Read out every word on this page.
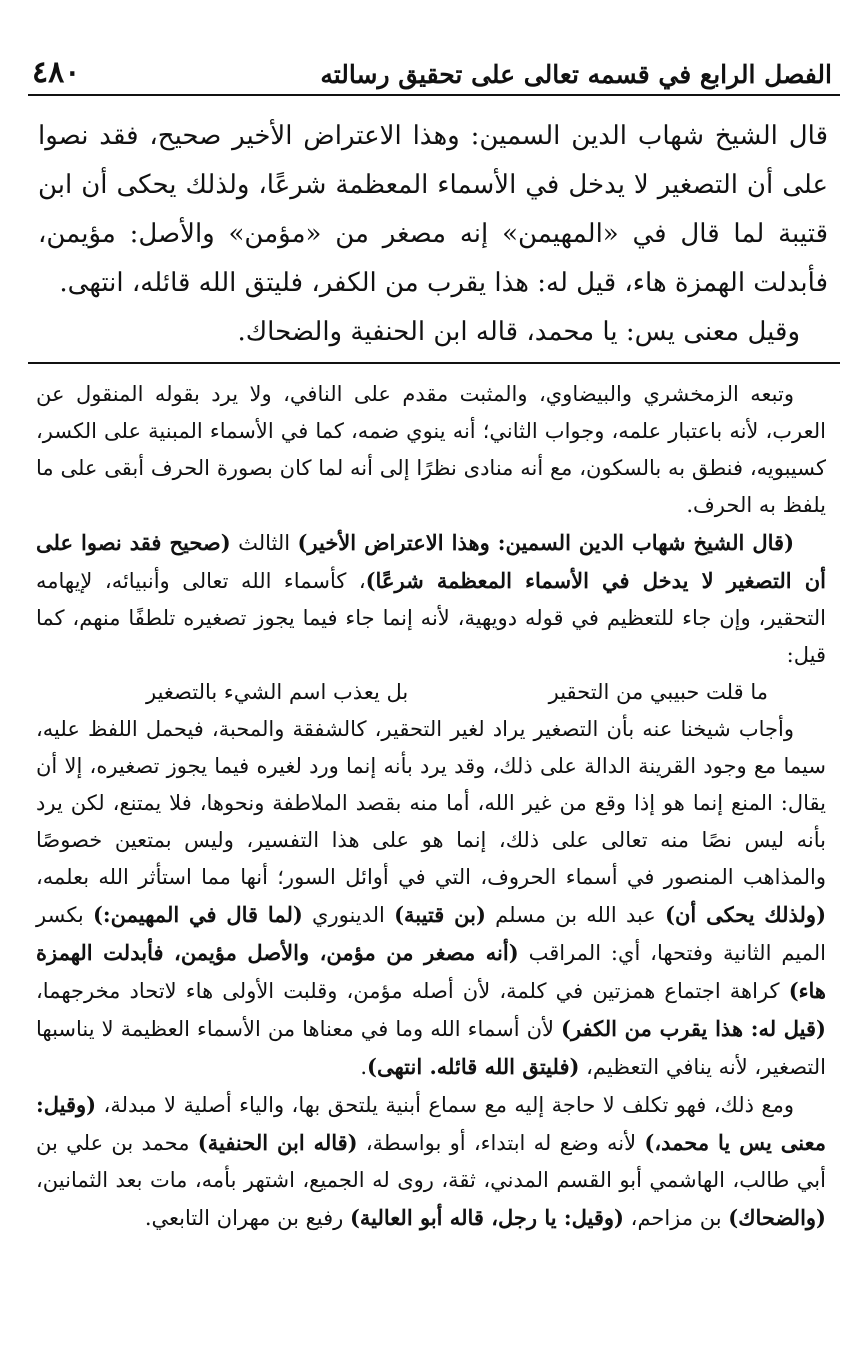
الفصل الرابع في قسمه تعالى على تحقيق رسالته
٤٨٠

قال الشيخ شهاب الدين السمين: وهذا الاعتراض الأخير صحيح، فقد نصوا على أن التصغير لا يدخل في الأسماء المعظمة شرعًا، ولذلك يحكى أن ابن قتيبة لما قال في «المهيمن» إنه مصغر من «مؤمن» والأصل: مؤيمن، فأبدلت الهمزة هاء، قيل له: هذا يقرب من الكفر، فليتق الله قائله، انتهى.

وقيل معنى يس: يا محمد، قاله ابن الحنفية والضحاك.

وتبعه الزمخشري والبيضاوي، والمثبت مقدم على النافي، ولا يرد بقوله المنقول عن العرب، لأنه باعتبار علمه، وجواب الثاني؛ أنه ينوي ضمه، كما في الأسماء المبنية على الكسر، كسيبويه، فنطق به بالسكون، مع أنه منادى نظرًا إلى أنه لما كان بصورة الحرف أبقى على ما يلفظ به الحرف.

(قال الشيخ شهاب الدين السمين: وهذا الاعتراض الأخير) الثالث (صحيح فقد نصوا على أن التصغير لا يدخل في الأسماء المعظمة شرعًا)، كأسماء الله تعالى وأنبيائه، لإيهامه التحقير، وإن جاء للتعظيم في قوله دويهية، لأنه إنما جاء فيما يجوز تصغيره تلطفًا منهم، كما قيل:

ما قلت حبيبي من التحقير
بل يعذب اسم الشيء بالتصغير

وأجاب شيخنا عنه بأن التصغير يراد لغير التحقير، كالشفقة والمحبة، فيحمل اللفظ عليه، سيما مع وجود القرينة الدالة على ذلك، وقد يرد بأنه إنما ورد لغيره فيما يجوز تصغيره، إلا أن يقال: المنع إنما هو إذا وقع من غير الله، أما منه بقصد الملاطفة ونحوها، فلا يمتنع، لكن يرد بأنه ليس نصًا منه تعالى على ذلك، إنما هو على هذا التفسير، وليس بمتعين خصوصًا والمذاهب المنصور في أسماء الحروف، التي في أوائل السور؛ أنها مما استأثر الله بعلمه، (ولذلك يحكى أن) عبد الله بن مسلم (بن قتيبة) الدينوري (لما قال في المهيمن:) بكسر الميم الثانية وفتحها، أي: المراقب (أنه مصغر من مؤمن، والأصل مؤيمن، فأبدلت الهمزة هاء) كراهة اجتماع همزتين في كلمة، لأن أصله مؤمن، وقلبت الأولى هاء لاتحاد مخرجهما، (قيل له: هذا يقرب من الكفر) لأن أسماء الله وما في معناها من الأسماء العظيمة لا يناسبها التصغير، لأنه ينافي التعظيم، (فليتق الله قائله. انتهى).

ومع ذلك، فهو تكلف لا حاجة إليه مع سماع أبنية يلتحق بها، والياء أصلية لا مبدلة، (وقيل: معنى يس يا محمد،) لأنه وضع له ابتداء، أو بواسطة، (قاله ابن الحنفية) محمد بن علي بن أبي طالب، الهاشمي أبو القسم المدني، ثقة، روى له الجميع، اشتهر بأمه، مات بعد الثمانين، (والضحاك) بن مزاحم، (وقيل: يا رجل، قاله أبو العالية) رفيع بن مهران التابعي.
